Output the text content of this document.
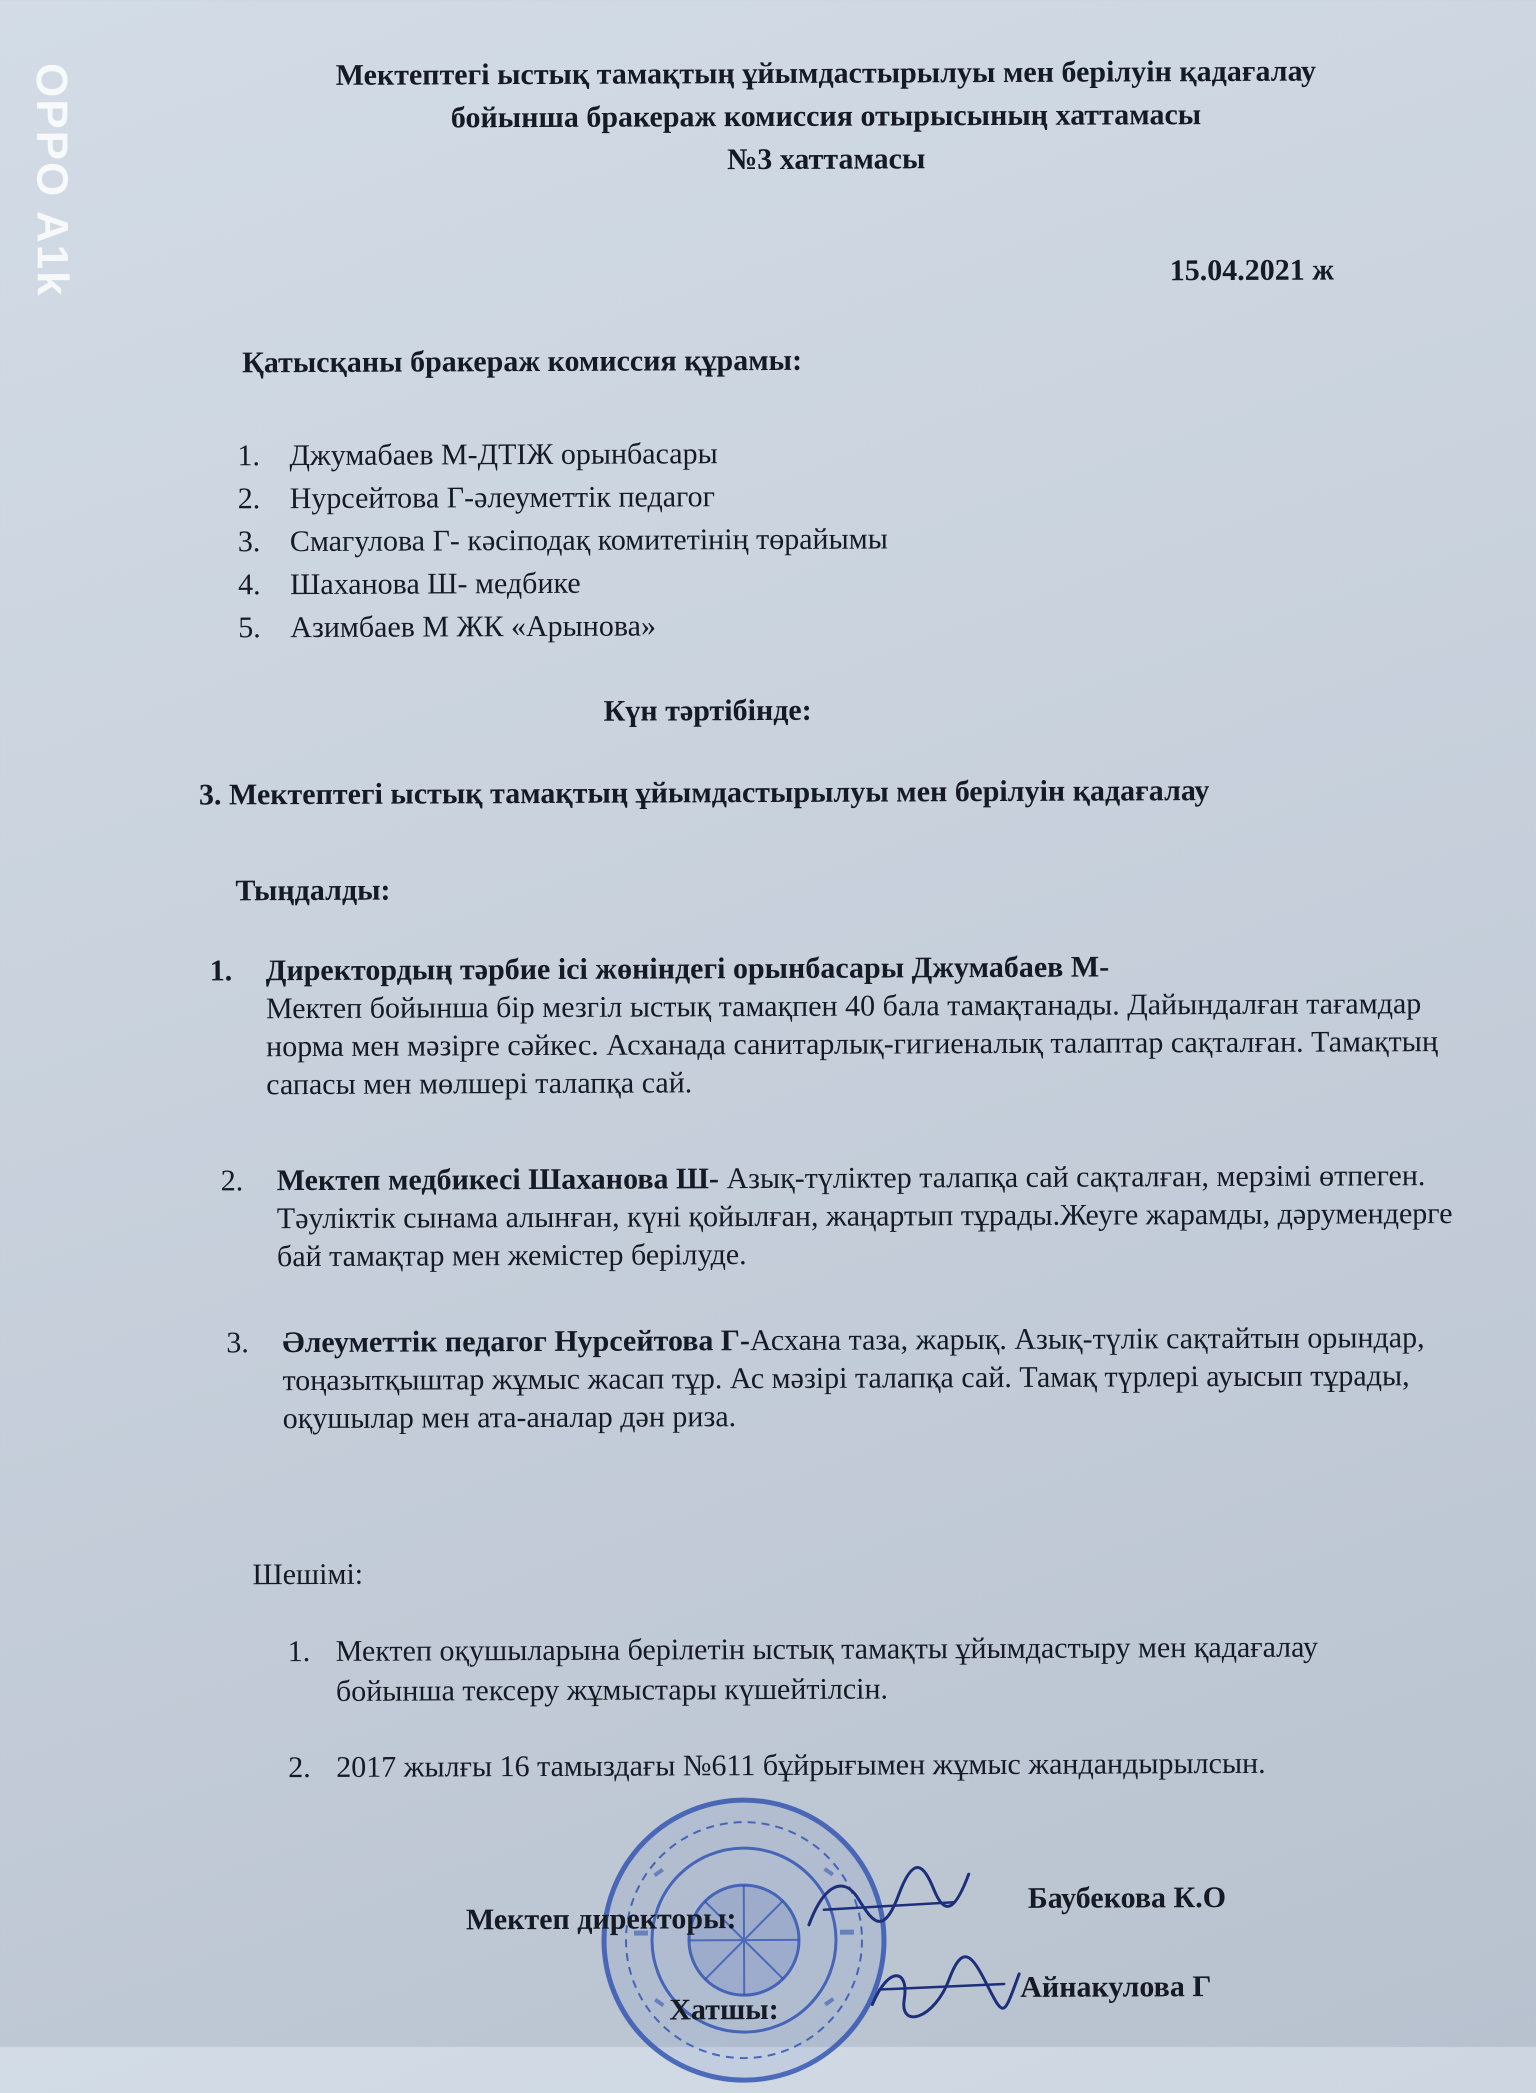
OPPO A1k	Мектептегі ыстық тамақтың ұйымдастырылуы мен берілуін қадағалау
бойынша бракераж комиссия отырысының хаттамасы
№3 хаттамасы
15.04.2021 ж
Қатысқаны бракераж комиссия құрамы:
1. Джумабаев М-ДТІЖ орынбасары
2. Нурсейтова Г-әлеуметтік педагог
3. Смагулова Г- кәсіподақ комитетінің төрайымы
4. Шаханова Ш- медбике
5. Азимбаев М ЖК «Арынова»
Күн тәртібінде:
3. Мектептегі ыстық тамақтың ұйымдастырылуы мен берілуін қадағалау
Тыңдалды:
1.	Директордың тәрбие ісі жөніндегі орынбасары Джумабаев М-
Мектеп бойынша бір мезгіл ыстық тамақпен 40 бала тамақтанады. Дайындалған тағамдар норма мен мәзірге сәйкес. Асханада санитарлық-гигиеналық талаптар сақталған. Тамақтың сапасы мен мөлшері талапқа сай.
2.	Мектеп медбикесі Шаханова Ш- Азық-түліктер талапқа сай сақталған, мерзімі өтпеген. Тәуліктік сынама алынған, күні қойылған, жаңартып тұрады.Жеуге жарамды, дәрумендерге бай тамақтар мен жемістер берілуде.
3.	Әлеуметтік педагог Нурсейтова Г-Асхана таза, жарық. Азық-түлік сақтайтын орындар, тоңазытқыштар жұмыс жасап тұр. Ас мәзірі талапқа сай. Тамақ түрлері ауысып тұрады, оқушылар мен ата-аналар дән риза.
Шешімі:
1. Мектеп оқушыларына берілетін ыстық тамақты ұйымдастыру мен қадағалау бойынша тексеру жұмыстары күшейтілсін.
2. 2017 жылғы 16 тамыздағы №611 бұйрығымен жұмыс жандандырылсын.
Мектеп директоры:
Баубекова К.О
Хатшы:
Айнакулова Г
